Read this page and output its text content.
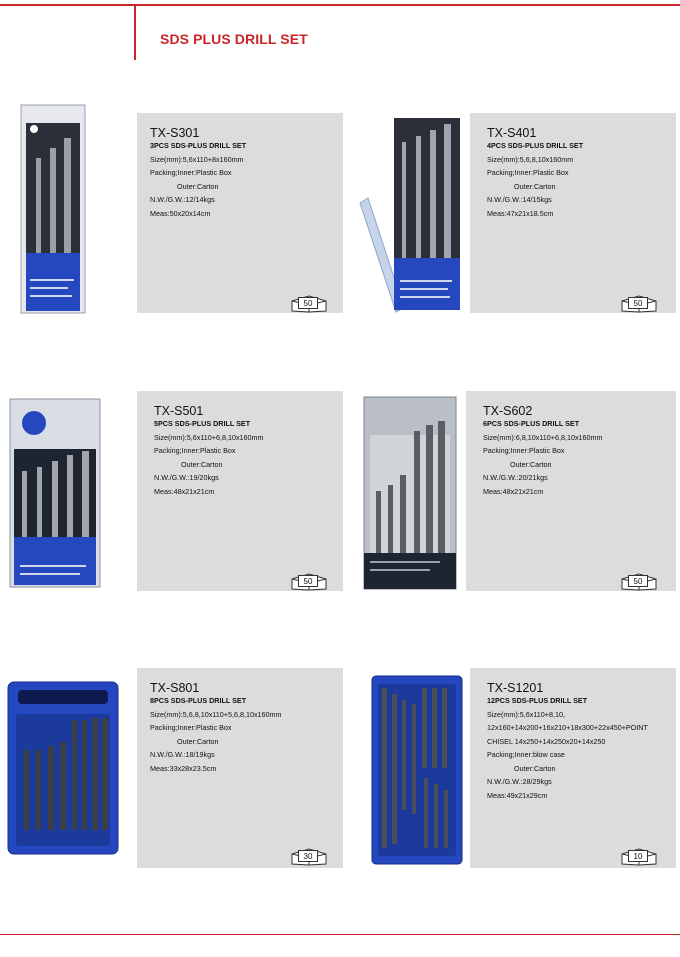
SDS PLUS DRILL SET
TX-S301
3PCS SDS-PLUS DRILL SET
Size(mm):5,6x110+8x160mm
Packing;Inner:Plastic Box
Outer:Carton
N.W./G.W.:12/14kgs
Meas:50x20x14cm
50
TX-S401
4PCS SDS-PLUS DRILL SET
Size(mm):5,6,8,10x160mm
Packing;Inner:Plastic Box
Outer:Carton
N.W./G.W.:14/15kgs
Meas:47x21x18.5cm
50
TX-S501
5PCS SDS-PLUS DRILL SET
Size(mm):5,6x110+6,8,10x160mm
Packing;Inner:Plastic Box
Outer:Carton
N.W./G.W.:19/20kgs
Meas:48x21x21cm
50
TX-S602
6PCS SDS-PLUS DRILL SET
Size(mm):6,8,10x110+6,8,10x160mm
Packing;Inner:Plastic Box
Outer:Carton
N.W./G.W.:20/21kgs
Meas:48x21x21cm
50
TX-S801
8PCS SDS-PLUS DRILL SET
Size(mm):5,6,8,10x110+5,6,8,10x160mm
Packing;Inner:Plastic Box
Outer:Carton
N.W./G.W.:18/19kgs
Meas:33x28x23.5cm
30
TX-S1201
12PCS SDS-PLUS DRILL SET
Size(mm):5,6x110+8,10,
12x160+14x200+16x210+18x300+22x450+POINT
CHISEL 14x250+14x250x20+14x250
Packing;Inner:blow case
Outer:Carton
N.W./G.W.:28/29kgs
Meas:49x21x29cm
10
